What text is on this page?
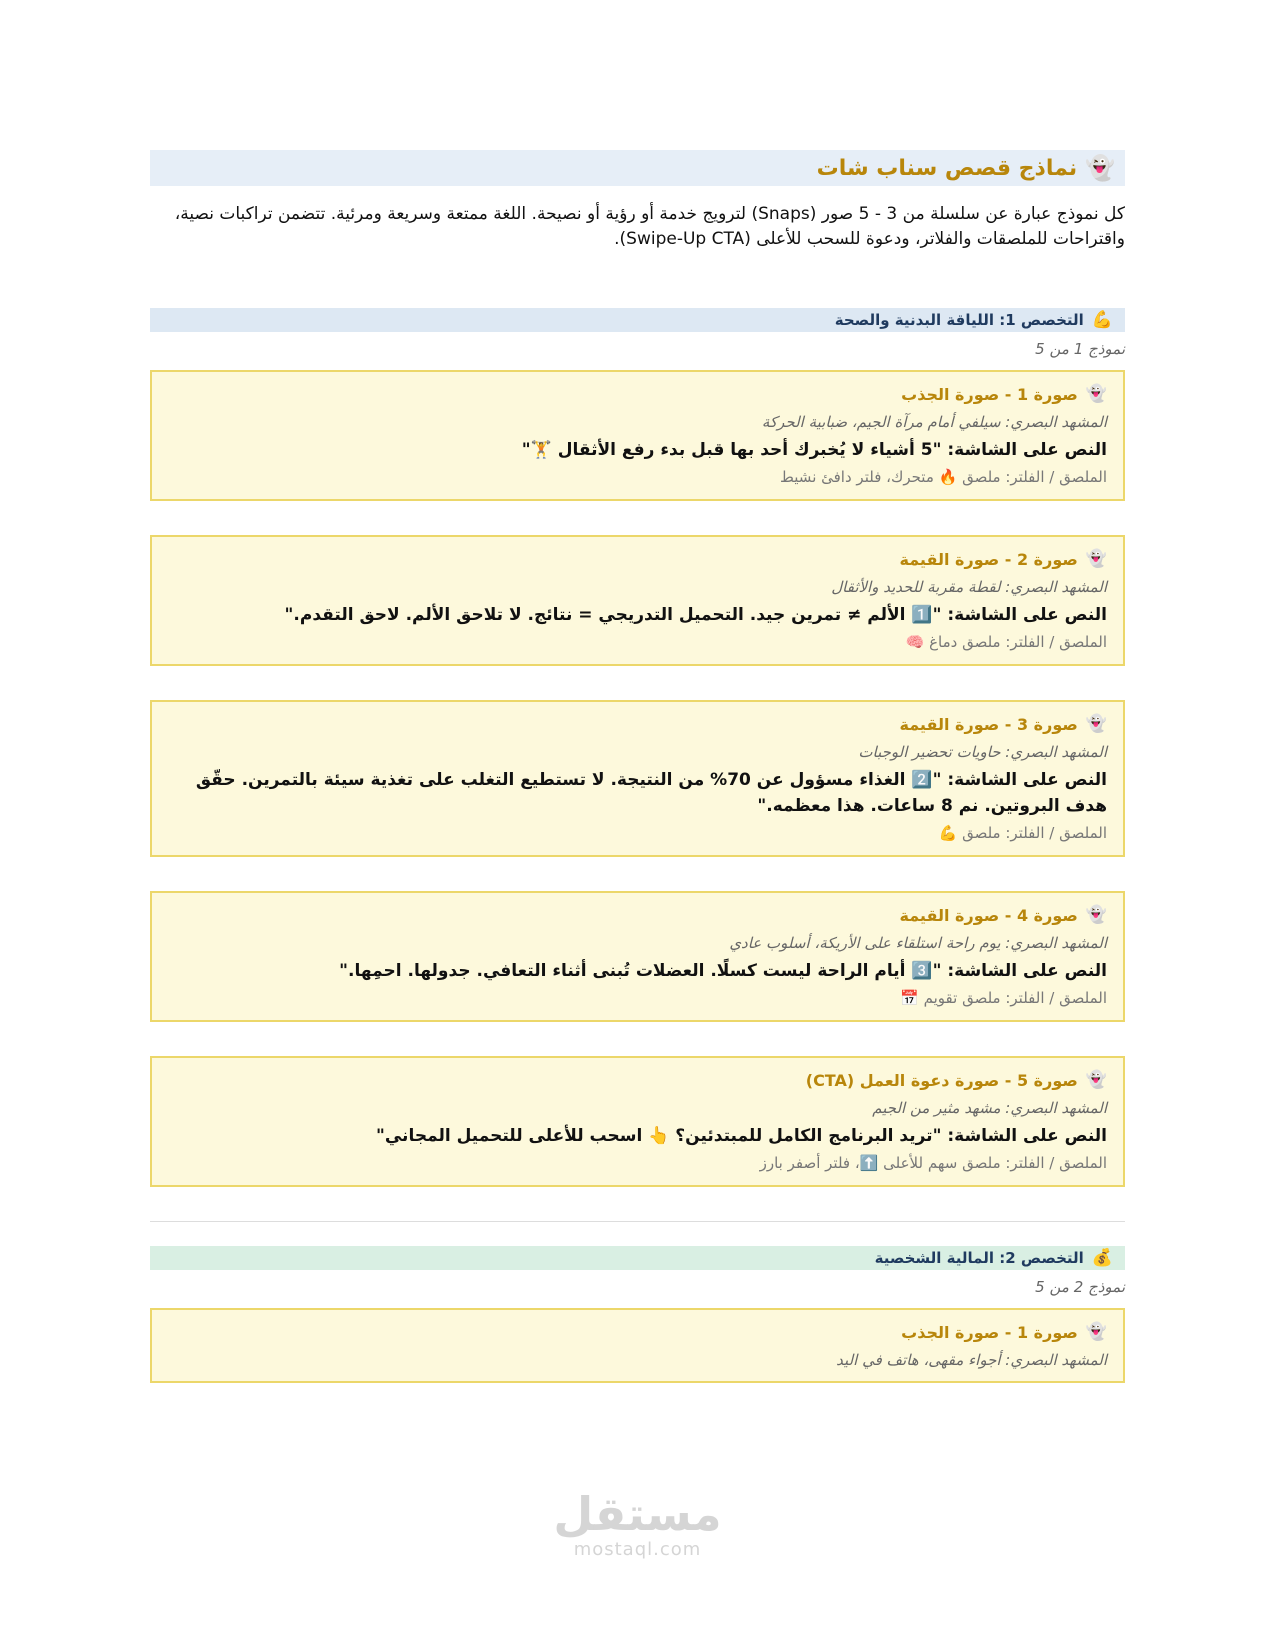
👻
نماذج قصص سناب شات
كل نموذج عبارة عن سلسلة من 3 - 5 صور (Snaps) لترويج خدمة أو رؤية أو نصيحة. اللغة ممتعة وسريعة ومرئية. تتضمن تراكبات نصية، واقتراحات للملصقات والفلاتر، ودعوة للسحب للأعلى (Swipe-Up CTA).
💪
التخصص 1: اللياقة البدنية والصحة
نموذج 1 من 5
👻
صورة 1 - صورة الجذب
المشهد البصري: سيلفي أمام مرآة الجيم، ضبابية الحركة
النص على الشاشة: "5 أشياء لا يُخبرك أحد بها قبل بدء رفع الأثقال 🏋️"
الملصق / الفلتر: ملصق 🔥 متحرك، فلتر دافئ نشيط
👻
صورة 2 - صورة القيمة
المشهد البصري: لقطة مقربة للحديد والأثقال
النص على الشاشة: "1️⃣ الألم ≠ تمرين جيد. التحميل التدريجي = نتائج. لا تلاحق الألم. لاحق التقدم."
الملصق / الفلتر: ملصق دماغ 🧠
👻
صورة 3 - صورة القيمة
المشهد البصري: حاويات تحضير الوجبات
النص على الشاشة: "2️⃣ الغذاء مسؤول عن 70% من النتيجة. لا تستطيع التغلب على تغذية سيئة بالتمرين. حقّق هدف البروتين. نم 8 ساعات. هذا معظمه."
الملصق / الفلتر: ملصق 💪
👻
صورة 4 - صورة القيمة
المشهد البصري: يوم راحة استلقاء على الأريكة، أسلوب عادي
النص على الشاشة: "3️⃣ أيام الراحة ليست كسلًا. العضلات تُبنى أثناء التعافي. جدولها. احمِها."
الملصق / الفلتر: ملصق تقويم 📅
👻
صورة 5 - صورة دعوة العمل (CTA)
المشهد البصري: مشهد مثير من الجيم
النص على الشاشة: "تريد البرنامج الكامل للمبتدئين؟ 👆 اسحب للأعلى للتحميل المجاني"
الملصق / الفلتر: ملصق سهم للأعلى ⬆️، فلتر أصفر بارز
💰
التخصص 2: المالية الشخصية
نموذج 2 من 5
👻
صورة 1 - صورة الجذب
المشهد البصري: أجواء مقهى، هاتف في اليد
مستقل
mostaql.com
